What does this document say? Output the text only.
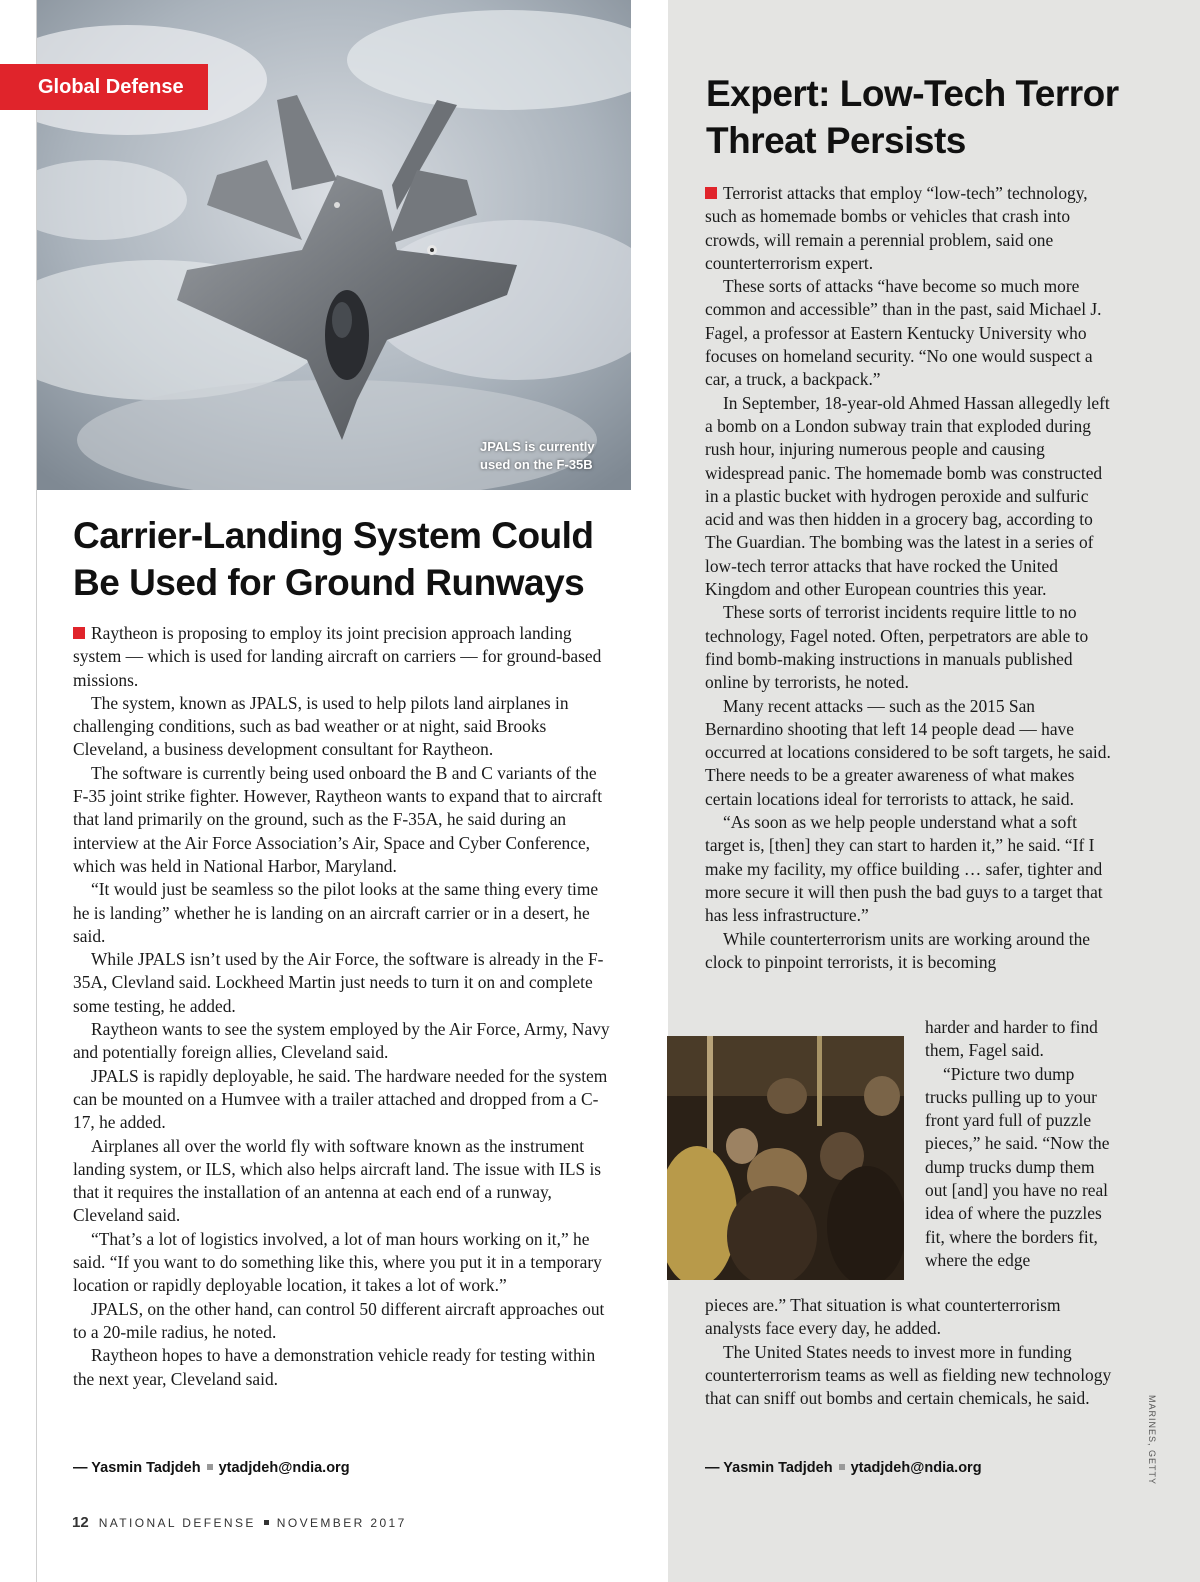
JPALS is currently used on the F-35B
Global Defense
Carrier-Landing System Could Be Used for Ground Runways

Raytheon is proposing to employ its joint precision approach landing system — which is used for landing aircraft on carriers — for ground-based missions.

The system, known as JPALS, is used to help pilots land airplanes in challenging conditions, such as bad weather or at night, said Brooks Cleveland, a business development consultant for Raytheon.

The software is currently being used onboard the B and C variants of the F-35 joint strike fighter. However, Raytheon wants to expand that to aircraft that land primarily on the ground, such as the F-35A, he said during an interview at the Air Force Association’s Air, Space and Cyber Conference, which was held in National Harbor, Maryland.

“It would just be seamless so the pilot looks at the same thing every time he is landing” whether he is landing on an aircraft carrier or in a desert, he said.

While JPALS isn’t used by the Air Force, the software is already in the F-35A, Clevland said. Lockheed Martin just needs to turn it on and complete some testing, he added.

Raytheon wants to see the system employed by the Air Force, Army, Navy and potentially foreign allies, Cleveland said.

JPALS is rapidly deployable, he said. The hardware needed for the system can be mounted on a Humvee with a trailer attached and dropped from a C-17, he added.

Airplanes all over the world fly with software known as the instrument landing system, or ILS, which also helps aircraft land. The issue with ILS is that it requires the installation of an antenna at each end of a runway, Cleveland said.

“That’s a lot of logistics involved, a lot of man hours working on it,” he said. “If you want to do something like this, where you put it in a temporary location or rapidly deployable location, it takes a lot of work.”

JPALS, on the other hand, can control 50 different aircraft approaches out to a 20-mile radius, he noted.

Raytheon hopes to have a demonstration vehicle ready for testing within the next year, Cleveland said.

— Yasmin Tadjdeh ytadjdeh@ndia.org
Expert: Low-Tech Terror Threat Persists

Terrorist attacks that employ “low-tech” technology, such as homemade bombs or vehicles that crash into crowds, will remain a perennial problem, said one counterterrorism expert.

These sorts of attacks “have become so much more common and accessible” than in the past, said Michael J. Fagel, a professor at Eastern Kentucky University who focuses on homeland security. “No one would suspect a car, a truck, a backpack.”

In September, 18-year-old Ahmed Hassan allegedly left a bomb on a London subway train that exploded during rush hour, injuring numerous people and causing widespread panic. The homemade bomb was constructed in a plastic bucket with hydrogen peroxide and sulfuric acid and was then hidden in a grocery bag, according to The Guardian. The bombing was the latest in a series of low-tech terror attacks that have rocked the United Kingdom and other European countries this year.

These sorts of terrorist incidents require little to no technology, Fagel noted. Often, perpetrators are able to find bomb-making instructions in manuals published online by terrorists, he noted.

Many recent attacks — such as the 2015 San Bernardino shooting that left 14 people dead — have occurred at locations considered to be soft targets, he said. There needs to be a greater awareness of what makes certain locations ideal for terrorists to attack, he said.

“As soon as we help people understand what a soft target is, [then] they can start to harden it,” he said. “If I make my facility, my office building … safer, tighter and more secure it will then push the bad guys to a target that has less infrastructure.”

While counterterrorism units are working around the clock to pinpoint terrorists, it is becoming

harder and harder to find them, Fagel said.

“Picture two dump trucks pulling up to your front yard full of puzzle pieces,” he said. “Now the dump trucks dump them out [and] you have no real idea of where the puzzles fit, where the borders fit, where the edge

pieces are.” That situation is what counterterrorism analysts face every day, he added.

The United States needs to invest more in funding counterterrorism teams as well as fielding new technology that can sniff out bombs and certain chemicals, he said.

— Yasmin Tadjdeh ytadjdeh@ndia.org	MARINES, GETTY
12 NATIONAL DEFENSE NOVEMBER 2017
